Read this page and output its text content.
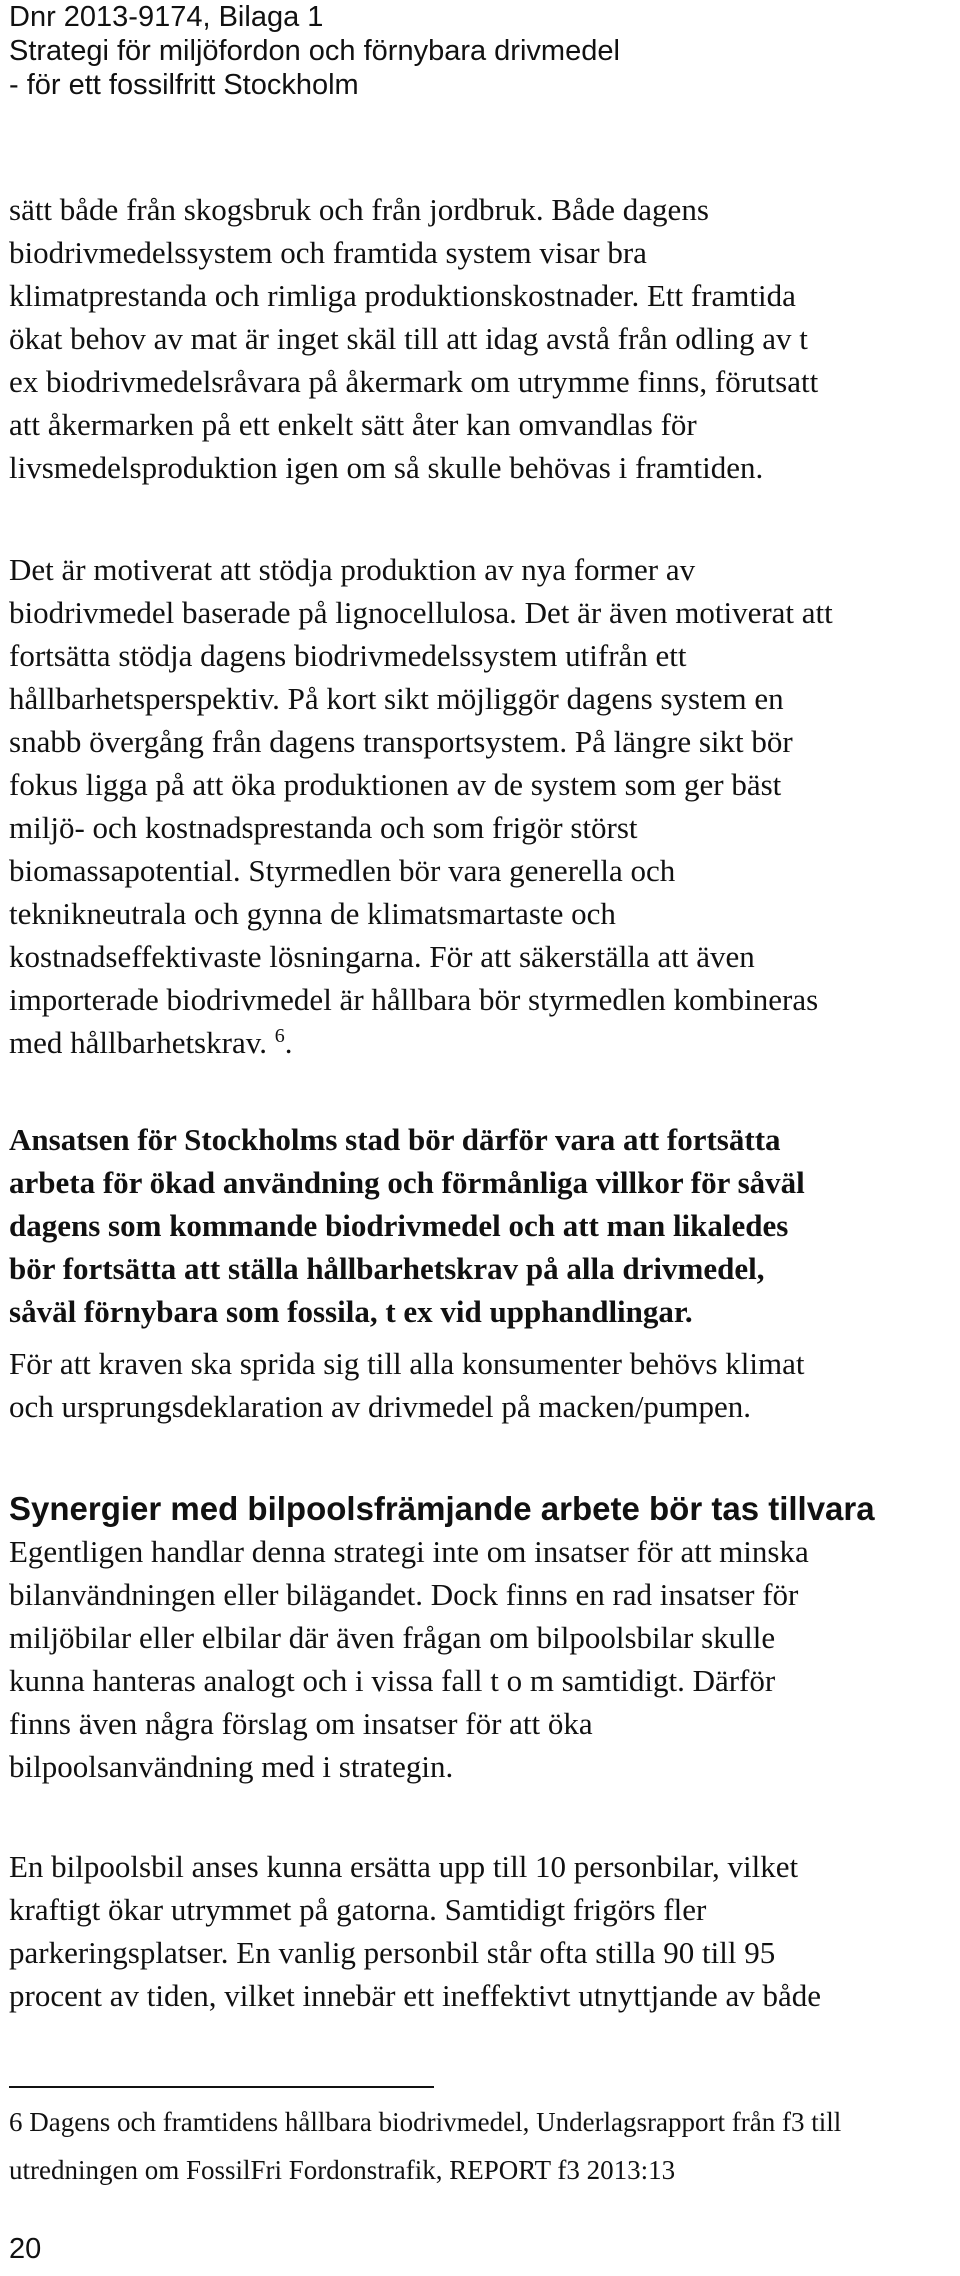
Dnr 2013-9174, Bilaga 1
Strategi för miljöfordon och förnybara drivmedel
- för ett fossilfritt Stockholm
sätt både från skogsbruk och från jordbruk. Både dagens
biodrivmedelssystem och framtida system visar bra
klimatprestanda och rimliga produktionskostnader. Ett framtida
ökat behov av mat är inget skäl till att idag avstå från odling av t
ex biodrivmedelsråvara på åkermark om utrymme finns, förutsatt
att åkermarken på ett enkelt sätt åter kan omvandlas för
livsmedelsproduktion igen om så skulle behövas i framtiden.
Det är motiverat att stödja produktion av nya former av
biodrivmedel baserade på lignocellulosa. Det är även motiverat att
fortsätta stödja dagens biodrivmedelssystem utifrån ett
hållbarhetsperspektiv. På kort sikt möjliggör dagens system en
snabb övergång från dagens transportsystem. På längre sikt bör
fokus ligga på att öka produktionen av de system som ger bäst
miljö- och kostnadsprestanda och som frigör störst
biomassapotential. Styrmedlen bör vara generella och
teknikneutrala och gynna de klimatsmartaste och
kostnadseffektivaste lösningarna. För att säkerställa att även
importerade biodrivmedel är hållbara bör styrmedlen kombineras
med hållbarhetskrav. $^6$.
Ansatsen för Stockholms stad bör därför vara att fortsätta
arbeta för ökad användning och förmånliga villkor för såväl
dagens som kommande biodrivmedel och att man likaledes
bör fortsätta att ställa hållbarhetskrav på alla drivmedel,
såväl förnybara som fossila, t ex vid upphandlingar.
För att kraven ska sprida sig till alla konsumenter behövs klimat
och ursprungsdeklaration av drivmedel på macken/pumpen.
Synergier med bilpoolsfrämjande arbete bör tas tillvara
Egentligen handlar denna strategi inte om insatser för att minska
bilanvändningen eller bilägandet. Dock finns en rad insatser för
miljöbilar eller elbilar där även frågan om bilpoolsbilar skulle
kunna hanteras analogt och i vissa fall t o m samtidigt. Därför
finns även några förslag om insatser för att öka
bilpoolsanvändning med i strategin.
En bilpoolsbil anses kunna ersätta upp till 10 personbilar, vilket
kraftigt ökar utrymmet på gatorna. Samtidigt frigörs fler
parkeringsplatser. En vanlig personbil står ofta stilla 90 till 95
procent av tiden, vilket innebär ett ineffektivt utnyttjande av både
6 Dagens och framtidens hållbara biodrivmedel, Underlagsrapport från f3 till
utredningen om FossilFri Fordonstrafik, REPORT f3 2013:13
20
